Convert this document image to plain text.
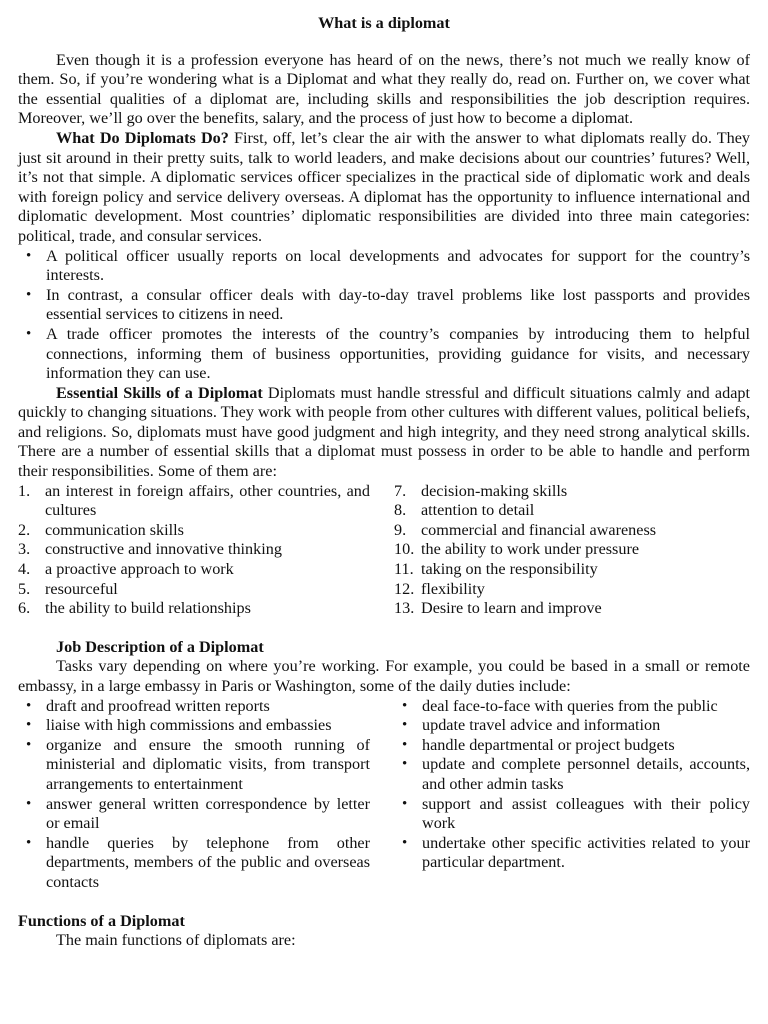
What is a diplomat

Even though it is a profession everyone has heard of on the news, there’s not much we really know of them. So, if you’re wondering what is a Diplomat and what they really do, read on. Further on, we cover what the essential qualities of a diplomat are, including skills and responsibilities the job description requires. Moreover, we’ll go over the benefits, salary, and the process of just how to become a diplomat.

What Do Diplomats Do? First, off, let’s clear the air with the answer to what diplomats really do. They just sit around in their pretty suits, talk to world leaders, and make decisions about our countries’ futures? Well, it’s not that simple. A diplomatic services officer specializes in the practical side of diplomatic work and deals with foreign policy and service delivery overseas. A diplomat has the opportunity to influence international and diplomatic development. Most countries’ diplomatic responsibilities are divided into three main categories: political, trade, and consular services.

• A political officer usually reports on local developments and advocates for support for the country’s interests.
• In contrast, a consular officer deals with day-to-day travel problems like lost passports and provides essential services to citizens in need.
• A trade officer promotes the interests of the country’s companies by introducing them to helpful connections, informing them of business opportunities, providing guidance for visits, and necessary information they can use.

Essential Skills of a Diplomat Diplomats must handle stressful and difficult situations calmly and adapt quickly to changing situations. They work with people from other cultures with different values, political beliefs, and religions. So, diplomats must have good judgment and high integrity, and they need strong analytical skills. There are a number of essential skills that a diplomat must possess in order to be able to handle and perform their responsibilities. Some of them are:

1. an interest in foreign affairs, other countries, and cultures
2. communication skills
3. constructive and innovative thinking
4. a proactive approach to work
5. resourceful
6. the ability to build relationships
7. decision-making skills
8. attention to detail
9. commercial and financial awareness
10. the ability to work under pressure
11. taking on the responsibility
12. flexibility
13. Desire to learn and improve
Job Description of a Diplomat

Tasks vary depending on where you’re working. For example, you could be based in a small or remote embassy, in a large embassy in Paris or Washington, some of the daily duties include:

• draft and proofread written reports
• liaise with high commissions and embassies
• organize and ensure the smooth running of ministerial and diplomatic visits, from transport arrangements to entertainment
• answer general written correspondence by letter or email
• handle queries by telephone from other departments, members of the public and overseas contacts
• deal face-to-face with queries from the public
• update travel advice and information
• handle departmental or project budgets
• update and complete personnel details, accounts, and other admin tasks
• support and assist colleagues with their policy work
• undertake other specific activities related to your particular department.
Functions of a Diplomat

The main functions of diplomats are:
